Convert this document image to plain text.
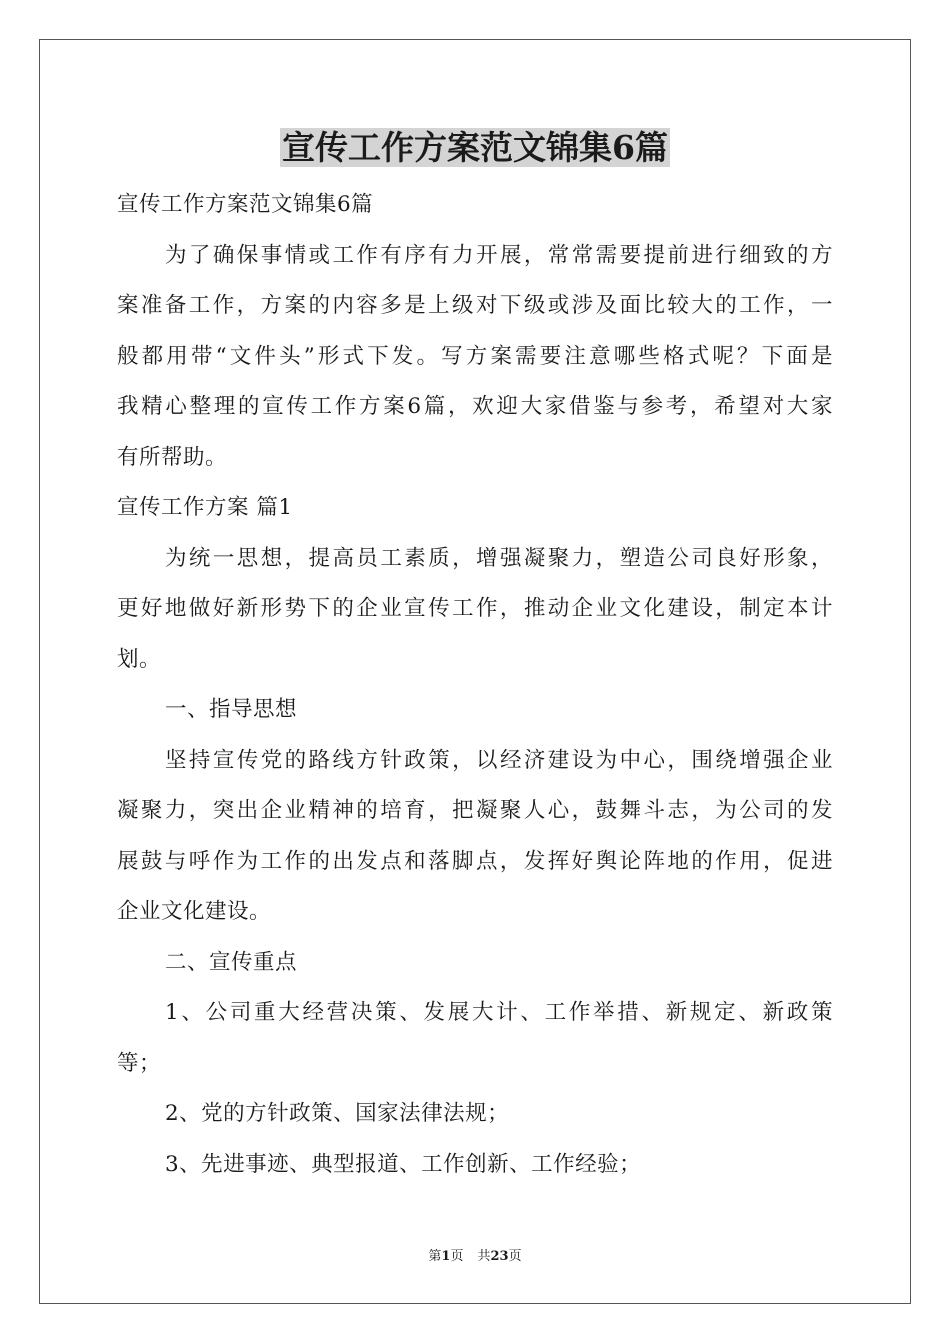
宣传工作方案范文锦集6篇
宣传工作方案范文锦集6篇
为了确保事情或工作有序有力开展，常常需要提前进行细致的方
案准备工作，方案的内容多是上级对下级或涉及面比较大的工作，一
般都用带“文件头”形式下发。写方案需要注意哪些格式呢？下面是
我精心整理的宣传工作方案6篇，欢迎大家借鉴与参考，希望对大家
有所帮助。
宣传工作方案 篇1
为统一思想，提高员工素质，增强凝聚力，塑造公司良好形象，
更好地做好新形势下的企业宣传工作，推动企业文化建设，制定本计
划。
一、指导思想
坚持宣传党的路线方针政策，以经济建设为中心，围绕增强企业
凝聚力，突出企业精神的培育，把凝聚人心，鼓舞斗志，为公司的发
展鼓与呼作为工作的出发点和落脚点，发挥好舆论阵地的作用，促进
企业文化建设。
二、宣传重点
1、公司重大经营决策、发展大计、工作举措、新规定、新政策
等；
2、党的方针政策、国家法律法规；
3、先进事迹、典型报道、工作创新、工作经验；
第1页 共23页
